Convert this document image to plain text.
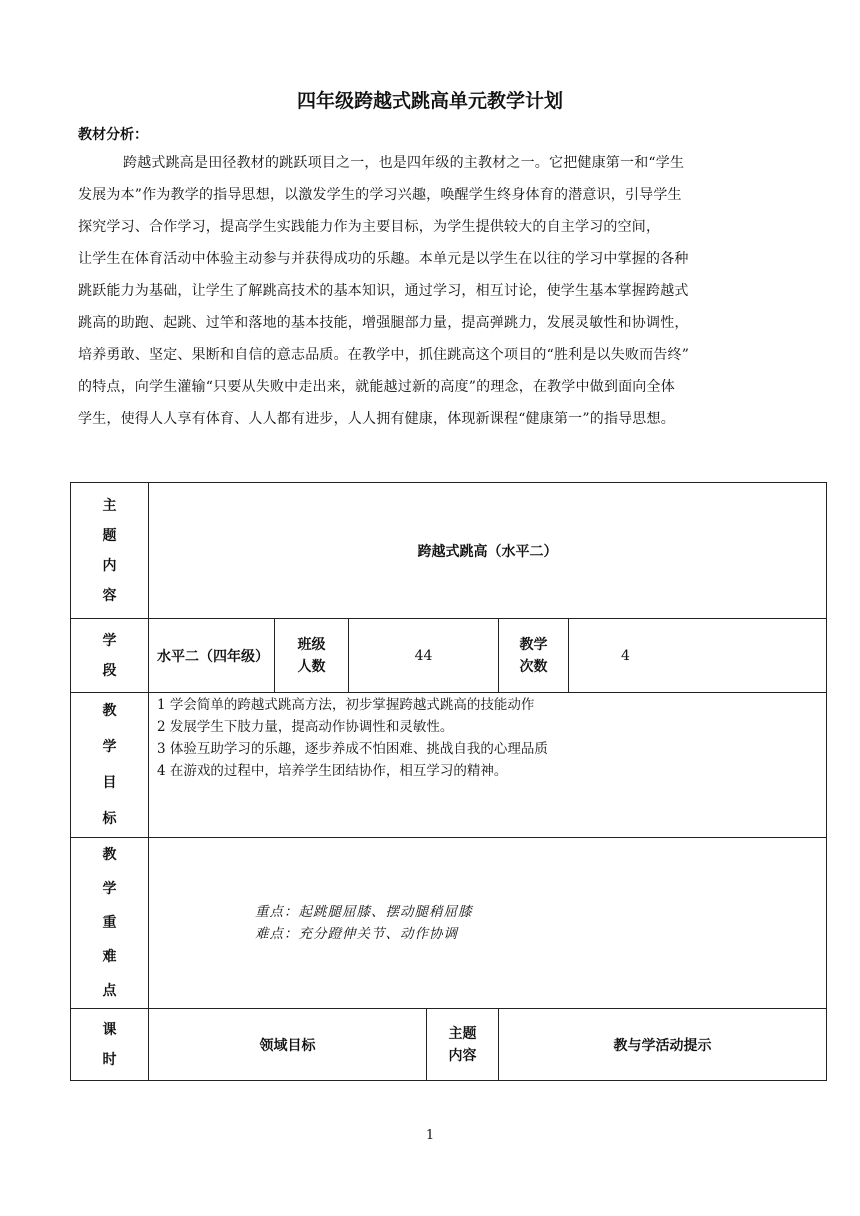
四年级跨越式跳高单元教学计划
教材分析：
跨越式跳高是田径教材的跳跃项目之一，也是四年级的主教材之一。它把健康第一和“学生
发展为本”作为教学的指导思想，以激发学生的学习兴趣，唤醒学生终身体育的潜意识，引导学生
探究学习、合作学习，提高学生实践能力作为主要目标，为学生提供较大的自主学习的空间，
让学生在体育活动中体验主动参与并获得成功的乐趣。本单元是以学生在以往的学习中掌握的各种
跳跃能力为基础，让学生了解跳高技术的基本知识，通过学习，相互讨论，使学生基本掌握跨越式
跳高的助跑、起跳、过竿和落地的基本技能，增强腿部力量，提高弹跳力，发展灵敏性和协调性，
培养勇敢、坚定、果断和自信的意志品质。在教学中，抓住跳高这个项目的“胜利是以失败而告终”
的特点，向学生灌输“只要从失败中走出来，就能越过新的高度”的理念，在教学中做到面向全体
学生，使得人人享有体育、人人都有进步，人人拥有健康，体现新课程“健康第一”的指导思想。
主
题
内
容	跨越式跳高（水平二）					

学
段	水平二（四年级）	班级
人数	44		教学
次数	4

教
学
目
标	1 学会简单的跨越式跳高方法，初步掌握跨越式跳高的技能动作
2 发展学生下肢力量，提高动作协调性和灵敏性。
3 体验互助学习的乐趣，逐步养成不怕困难、挑战自我的心理品质
4 在游戏的过程中，培养学生团结协作，相互学习的精神。					

教
学
重
难
点	重点：起跳腿屈膝、摆动腿稍屈膝
难点：充分蹬伸关节、动作协调					

课
时	领域目标			主题
内容	教与学活动提示	
1
